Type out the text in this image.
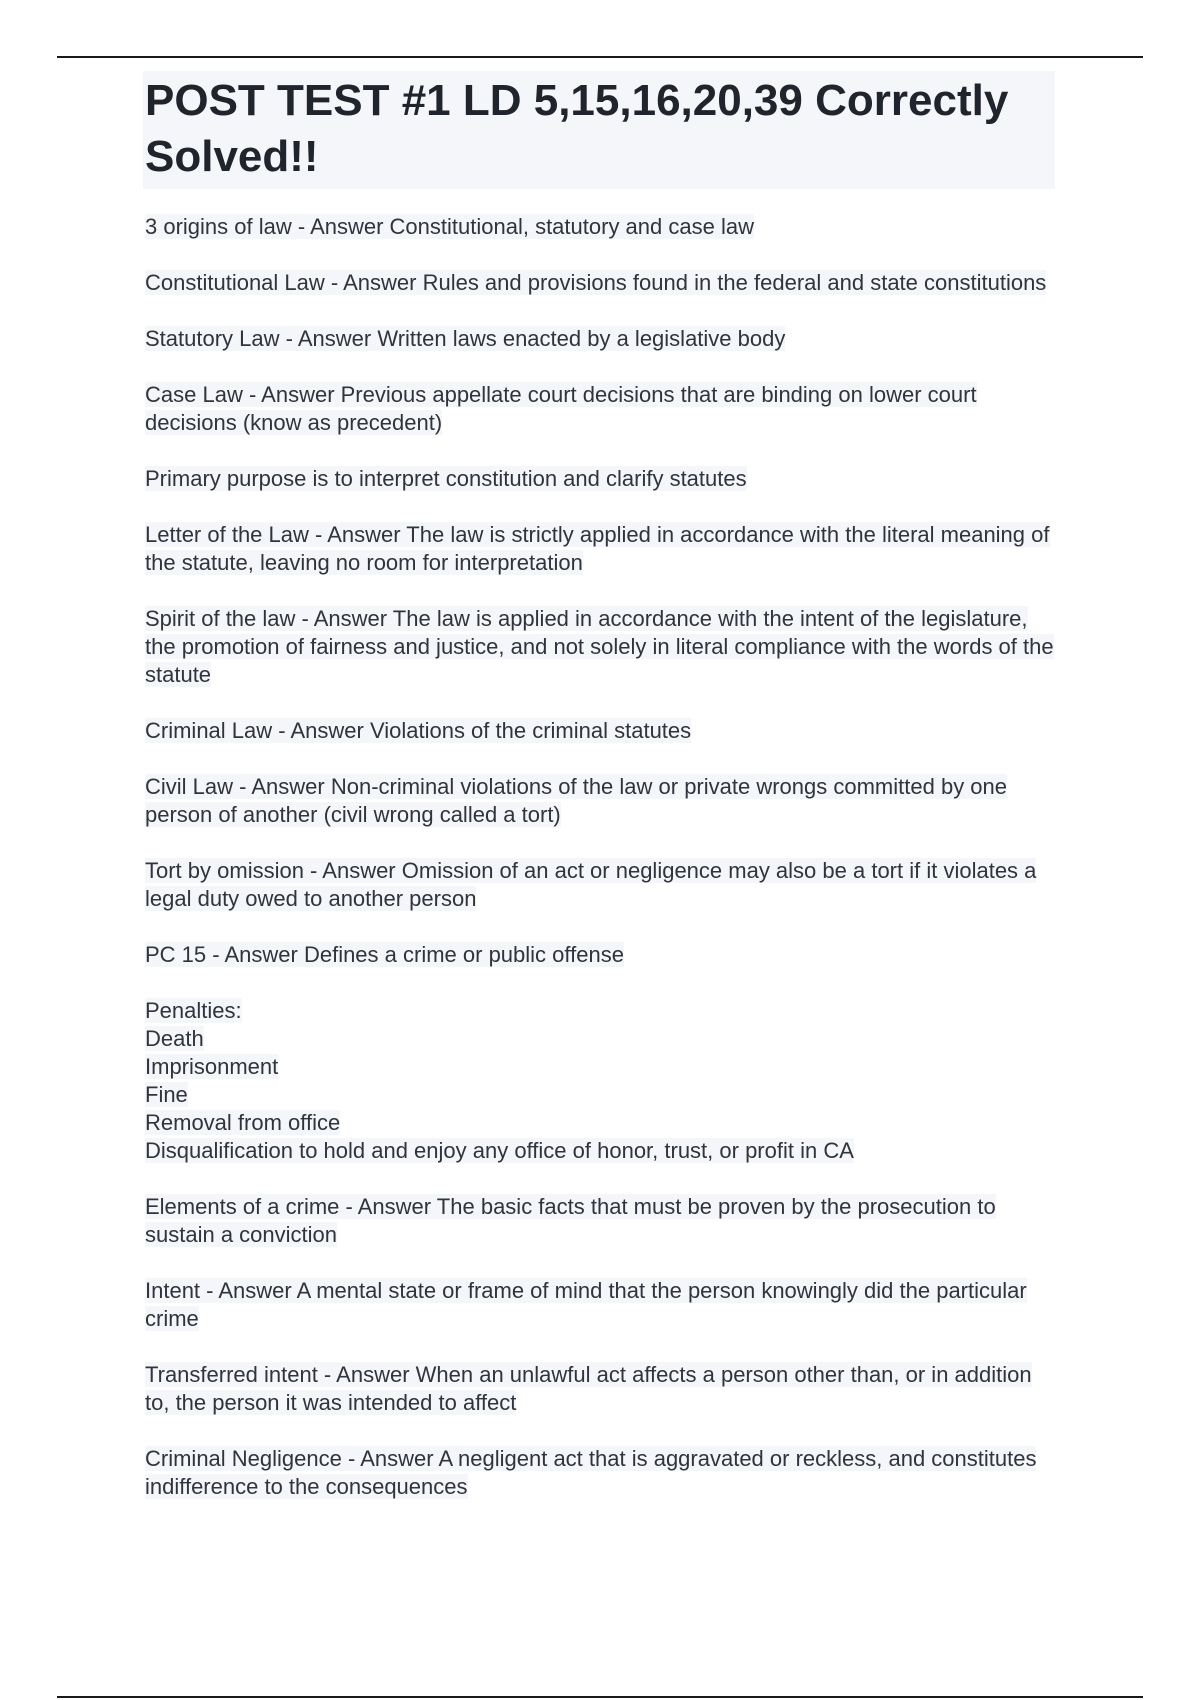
POST TEST #1 LD 5,15,16,20,39 Correctly Solved!!

3 origins of law - Answer Constitutional, statutory and case law

Constitutional Law - Answer Rules and provisions found in the federal and state constitutions

Statutory Law - Answer Written laws enacted by a legislative body

Case Law - Answer Previous appellate court decisions that are binding on lower court decisions (know as precedent)

Primary purpose is to interpret constitution and clarify statutes

Letter of the Law - Answer The law is strictly applied in accordance with the literal meaning of the statute, leaving no room for interpretation

Spirit of the law - Answer The law is applied in accordance with the intent of the legislature, the promotion of fairness and justice, and not solely in literal compliance with the words of the statute

Criminal Law - Answer Violations of the criminal statutes

Civil Law - Answer Non-criminal violations of the law or private wrongs committed by one person of another (civil wrong called a tort)

Tort by omission - Answer Omission of an act or negligence may also be a tort if it violates a legal duty owed to another person

PC 15 - Answer Defines a crime or public offense

Penalties:
Death
Imprisonment
Fine
Removal from office
Disqualification to hold and enjoy any office of honor, trust, or profit in CA

Elements of a crime - Answer The basic facts that must be proven by the prosecution to sustain a conviction

Intent - Answer A mental state or frame of mind that the person knowingly did the particular crime

Transferred intent - Answer When an unlawful act affects a person other than, or in addition to, the person it was intended to affect

Criminal Negligence - Answer A negligent act that is aggravated or reckless, and constitutes indifference to the consequences
